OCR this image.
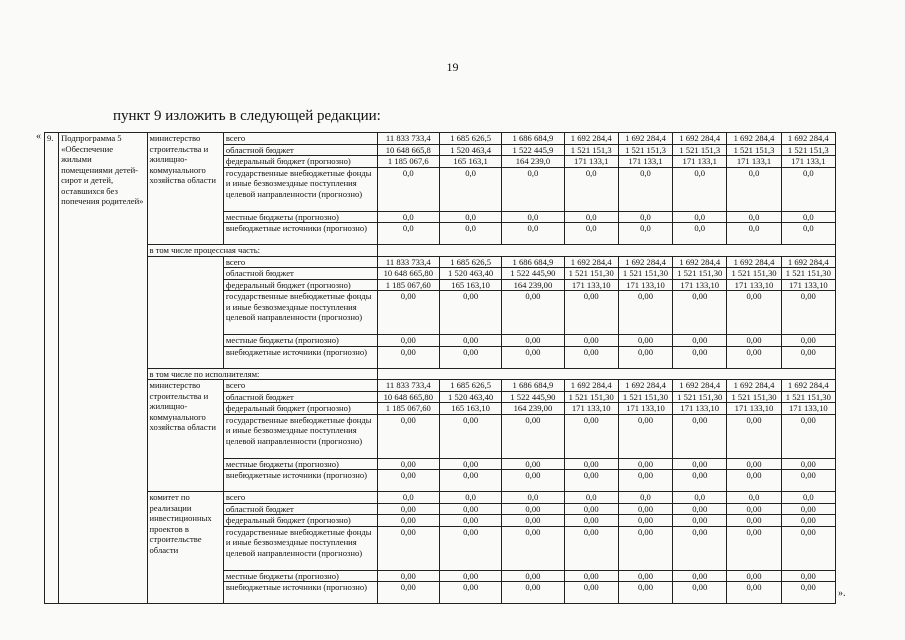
19
пункт 9 изложить в следующей редакции:
«
».
9.	Подпрограмма 5 «Обеспечение жилыми помещениями детей-сирот и детей, оставшихся без попечения родителей»	министерство строительства и жилищно-коммунального хозяйства области	всего	11 833 733,4	1 685 626,5	1 686 684,9	1 692 284,4	1 692 284,4	1 692 284,4	1 692 284,4	1 692 284,4
			областной бюджет	10 648 665,8	1 520 463,4	1 522 445,9	1 521 151,3	1 521 151,3	1 521 151,3	1 521 151,3	1 521 151,3
			федеральный бюджет (прогнозно)	1 185 067,6	165 163,1	164 239,0	171 133,1	171 133,1	171 133,1	171 133,1	171 133,1
			государственные внебюджетные фонды и иные безвозмездные поступления целевой направленности (прогнозно)	0,0	0,0	0,0	0,0	0,0	0,0	0,0	0,0
			местные бюджеты (прогнозно)	0,0	0,0	0,0	0,0	0,0	0,0	0,0	0,0
			внебюджетные источники (прогнозно)	0,0	0,0	0,0	0,0	0,0	0,0	0,0	0,0
		в том числе процессная часть:									
			всего	11 833 733,4	1 685 626,5	1 686 684,9	1 692 284,4	1 692 284,4	1 692 284,4	1 692 284,4	1 692 284,4
			областной бюджет	10 648 665,80	1 520 463,40	1 522 445,90	1 521 151,30	1 521 151,30	1 521 151,30	1 521 151,30	1 521 151,30
			федеральный бюджет (прогнозно)	1 185 067,60	165 163,10	164 239,00	171 133,10	171 133,10	171 133,10	171 133,10	171 133,10
			государственные внебюджетные фонды и иные безвозмездные поступления целевой направленности (прогнозно)	0,00	0,00	0,00	0,00	0,00	0,00	0,00	0,00
			местные бюджеты (прогнозно)	0,00	0,00	0,00	0,00	0,00	0,00	0,00	0,00
			внебюджетные источники (прогнозно)	0,00	0,00	0,00	0,00	0,00	0,00	0,00	0,00
		в том числе по исполнителям:									
		министерство строительства и жилищно-коммунального хозяйства области	всего	11 833 733,4	1 685 626,5	1 686 684,9	1 692 284,4	1 692 284,4	1 692 284,4	1 692 284,4	1 692 284,4
			областной бюджет	10 648 665,80	1 520 463,40	1 522 445,90	1 521 151,30	1 521 151,30	1 521 151,30	1 521 151,30	1 521 151,30
			федеральный бюджет (прогнозно)	1 185 067,60	165 163,10	164 239,00	171 133,10	171 133,10	171 133,10	171 133,10	171 133,10
			государственные внебюджетные фонды и иные безвозмездные поступления целевой направленности (прогнозно)	0,00	0,00	0,00	0,00	0,00	0,00	0,00	0,00
			местные бюджеты (прогнозно)	0,00	0,00	0,00	0,00	0,00	0,00	0,00	0,00
			внебюджетные источники (прогнозно)	0,00	0,00	0,00	0,00	0,00	0,00	0,00	0,00
		комитет по реализации инвестиционных проектов в строительстве области	всего	0,0	0,0	0,0	0,0	0,0	0,0	0,0	0,0
			областной бюджет	0,00	0,00	0,00	0,00	0,00	0,00	0,00	0,00
			федеральный бюджет (прогнозно)	0,00	0,00	0,00	0,00	0,00	0,00	0,00	0,00
			государственные внебюджетные фонды и иные безвозмездные поступления целевой направленности (прогнозно)	0,00	0,00	0,00	0,00	0,00	0,00	0,00	0,00
			местные бюджеты (прогнозно)	0,00	0,00	0,00	0,00	0,00	0,00	0,00	0,00
			внебюджетные источники (прогнозно)	0,00	0,00	0,00	0,00	0,00	0,00	0,00	0,00
